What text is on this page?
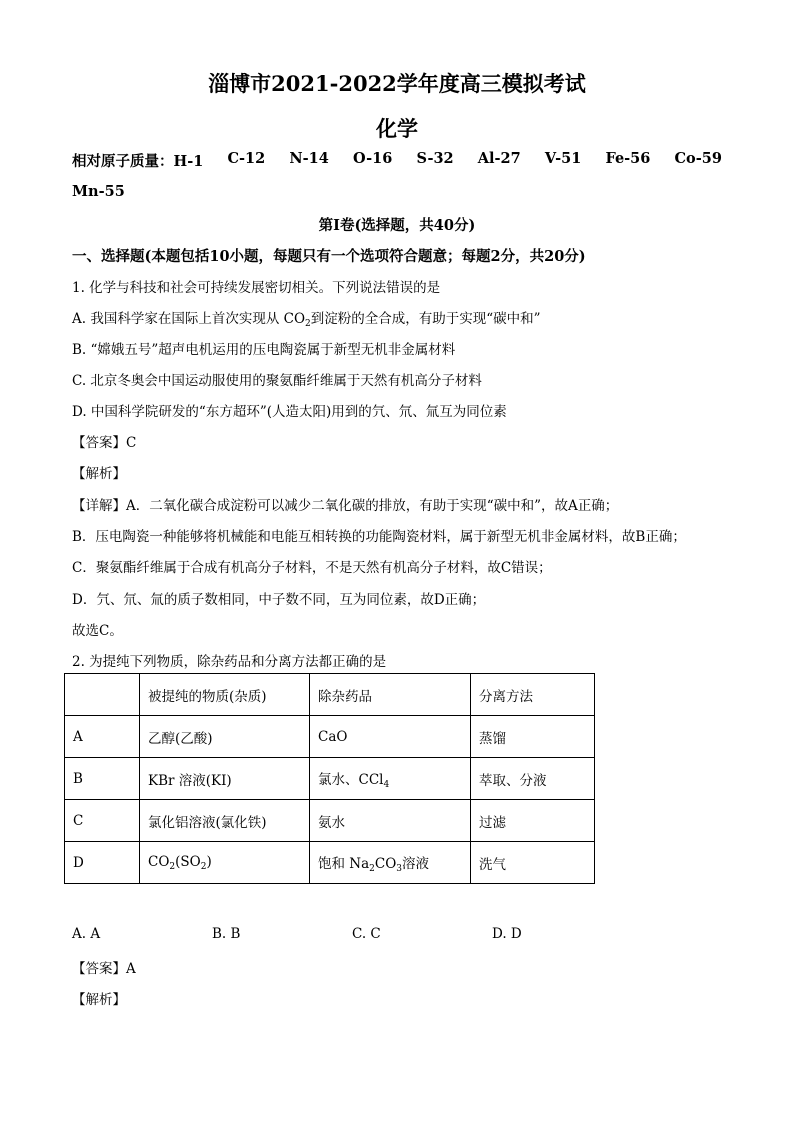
淄博市2021-2022学年度高三模拟考试
化学
相对原子质量：H-1 C-12 N-14 O-16 S-32 Al-27 V-51 Fe-56 Co-59
Mn-55
第Ⅰ卷(选择题，共40分)
一、选择题(本题包括10小题，每题只有一个选项符合题意；每题2分，共20分)
1. 化学与科技和社会可持续发展密切相关。下列说法错误的是
A. 我国科学家在国际上首次实现从 $CO_2$到淀粉的全合成，有助于实现“碳中和”
B. “嫦娥五号”超声电机运用的压电陶瓷属于新型无机非金属材料
C. 北京冬奥会中国运动服使用的聚氨酯纤维属于天然有机高分子材料
D. 中国科学院研发的“东方超环”(人造太阳)用到的氕、氘、氚互为同位素
【答案】C
【解析】
【详解】A．二氧化碳合成淀粉可以减少二氧化碳的排放，有助于实现“碳中和”，故A正确；
B．压电陶瓷一种能够将机械能和电能互相转换的功能陶瓷材料，属于新型无机非金属材料，故B正确；
C．聚氨酯纤维属于合成有机高分子材料，不是天然有机高分子材料，故C错误；
D．氕、氘、氚的质子数相同，中子数不同，互为同位素，故D正确；
故选C。
2. 为提纯下列物质，除杂药品和分离方法都正确的是
	被提纯的物质(杂质)	除杂药品	分离方法
A	乙醇(乙酸)	CaO	蒸馏
B	KBr 溶液(KI)	氯水、CCl$_4$	萃取、分液
C	氯化铝溶液(氯化铁)	氨水	过滤
D	$CO_2(SO_2)$	饱和 $Na_2CO_3$溶液	洗气
A. A	B. B	C. C	D. D
【答案】A
【解析】
